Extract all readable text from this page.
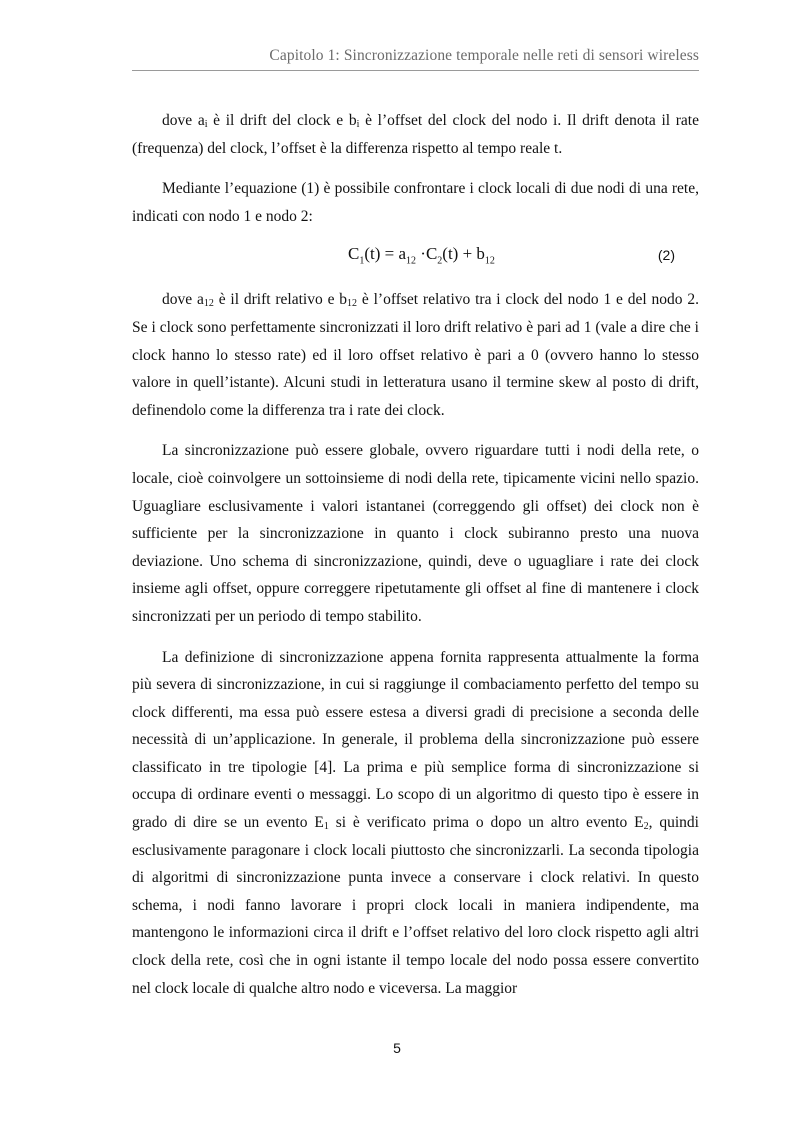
Capitolo 1: Sincronizzazione temporale nelle reti di sensori wireless

dove $a_i$ è il drift del clock e $b_i$ è l’offset del clock del nodo i. Il drift denota il rate (frequenza) del clock, l’offset è la differenza rispetto al tempo reale t.

Mediante l’equazione (1) è possibile confrontare i clock locali di due nodi di una rete, indicati con nodo 1 e nodo 2:

$C_1(t) = a_{12} \cdot C_2(t) + b_{12}$	(2)

dove $a_{12}$ è il drift relativo e $b_{12}$ è l’offset relativo tra i clock del nodo 1 e del nodo 2. Se i clock sono perfettamente sincronizzati il loro drift relativo è pari ad 1 (vale a dire che i clock hanno lo stesso rate) ed il loro offset relativo è pari a 0 (ovvero hanno lo stesso valore in quell’istante). Alcuni studi in letteratura usano il termine skew al posto di drift, definendolo come la differenza tra i rate dei clock.

La sincronizzazione può essere globale, ovvero riguardare tutti i nodi della rete, o locale, cioè coinvolgere un sottoinsieme di nodi della rete, tipicamente vicini nello spazio. Uguagliare esclusivamente i valori istantanei (correggendo gli offset) dei clock non è sufficiente per la sincronizzazione in quanto i clock subiranno presto una nuova deviazione. Uno schema di sincronizzazione, quindi, deve o uguagliare i rate dei clock insieme agli offset, oppure correggere ripetutamente gli offset al fine di mantenere i clock sincronizzati per un periodo di tempo stabilito.

La definizione di sincronizzazione appena fornita rappresenta attualmente la forma più severa di sincronizzazione, in cui si raggiunge il combaciamento perfetto del tempo su clock differenti, ma essa può essere estesa a diversi gradi di precisione a seconda delle necessità di un’applicazione. In generale, il problema della sincronizzazione può essere classificato in tre tipologie [4]. La prima e più semplice forma di sincronizzazione si occupa di ordinare eventi o messaggi. Lo scopo di un algoritmo di questo tipo è essere in grado di dire se un evento $E_1$ si è verificato prima o dopo un altro evento $E_2$, quindi esclusivamente paragonare i clock locali piuttosto che sincronizzarli. La seconda tipologia di algoritmi di sincronizzazione punta invece a conservare i clock relativi. In questo schema, i nodi fanno lavorare i propri clock locali in maniera indipendente, ma mantengono le informazioni circa il drift e l’offset relativo del loro clock rispetto agli altri clock della rete, così che in ogni istante il tempo locale del nodo possa essere convertito nel clock locale di qualche altro nodo e viceversa. La maggior

5
